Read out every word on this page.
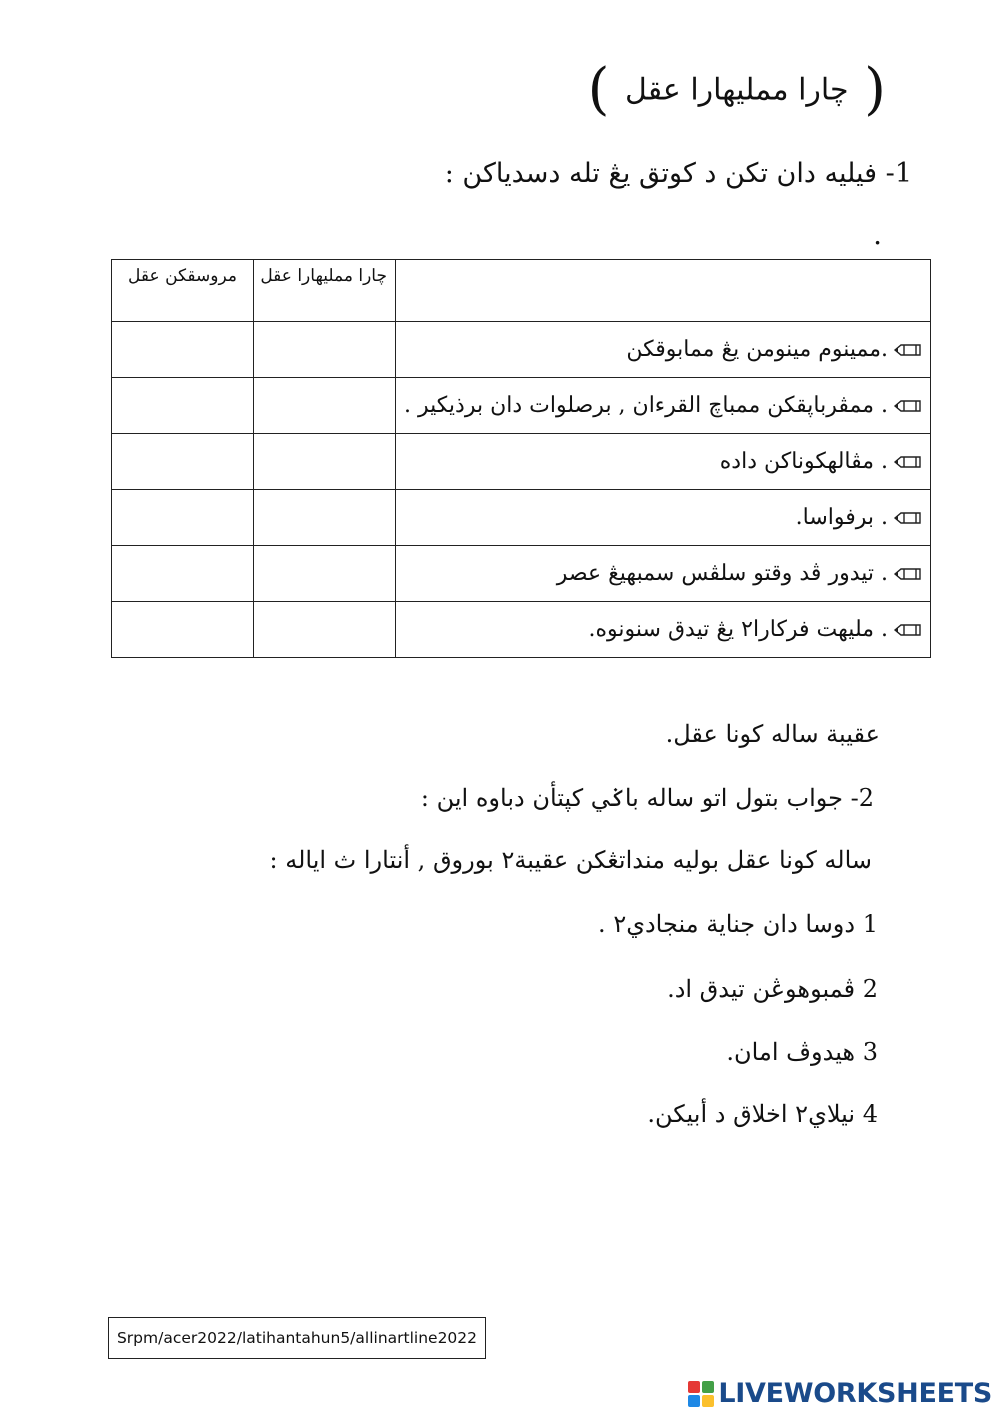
( چارا مملیهارا عقل )
1- فيليه دان تكن د كوتق يڠ تله دسدياكن :
.
	چارا مملیهارا عقل	مروسقكن عقل
.ممينوم مينومن يڠ ممابوقكن		
. ممڤرباڽقكن ممباچ القرءان , برصلوات دان برذيكير .		
. مڤالهكوناكن داده		
. برفواسا.		
. تيدور ڤد وقتو سلڤس سمبهيڠ عصر		
. مليهت فركارا٢ يڠ تيدق سنونوه.		
عقيبة ساله كونا عقل.
2- جواب بتول اتو ساله باݢي كپتأن دباوه اين :
ساله كونا عقل بوليه منداتڠكن عقيبة٢ بوروق , أنتارا ث اياله :
1 دوسا دان جناية منجادي٢ .
2 ڤمبوهوڠن تيدق اد.
3 هيدوڤ امان.
4 نيلاي٢ اخلاق د أبيكن.
Srpm/acer2022/latihantahun5/allinartline2022
LIVEWORKSHEETS
